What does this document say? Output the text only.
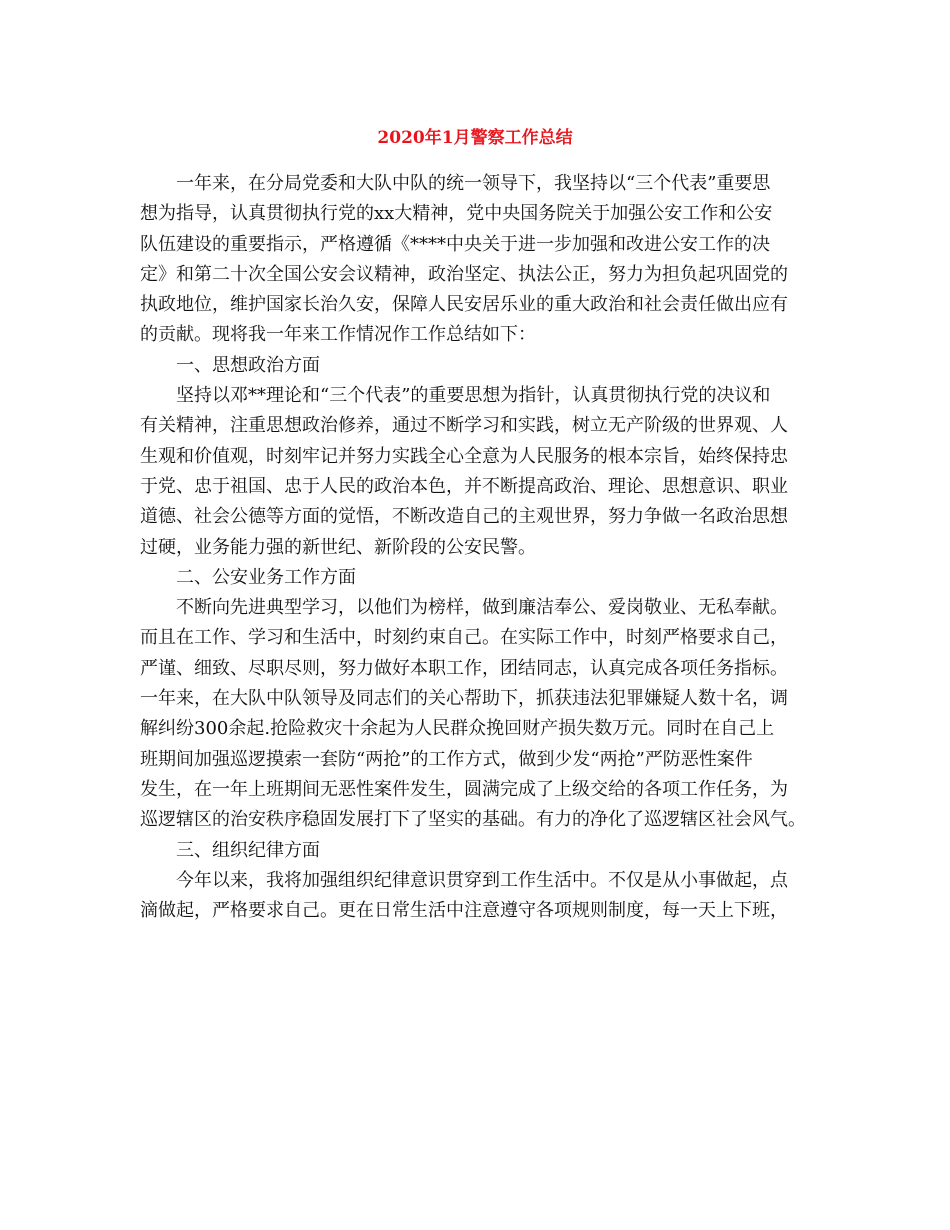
2020年1月警察工作总结

一年来，在分局党委和大队中队的统一领导下，我坚持以“三个代表”重要思
想为指导，认真贯彻执行党的xx大精神，党中央国务院关于加强公安工作和公安
队伍建设的重要指示，严格遵循《****中央关于进一步加强和改进公安工作的决
定》和第二十次全国公安会议精神，政治坚定、执法公正，努力为担负起巩固党的
执政地位，维护国家长治久安，保障人民安居乐业的重大政治和社会责任做出应有
的贡献。现将我一年来工作情况作工作总结如下：

一、思想政治方面

坚持以邓**理论和“三个代表”的重要思想为指针，认真贯彻执行党的决议和
有关精神，注重思想政治修养，通过不断学习和实践，树立无产阶级的世界观、人
生观和价值观，时刻牢记并努力实践全心全意为人民服务的根本宗旨，始终保持忠
于党、忠于祖国、忠于人民的政治本色，并不断提高政治、理论、思想意识、职业
道德、社会公德等方面的觉悟，不断改造自己的主观世界，努力争做一名政治思想
过硬，业务能力强的新世纪、新阶段的公安民警。

二、公安业务工作方面

不断向先进典型学习，以他们为榜样，做到廉洁奉公、爱岗敬业、无私奉献。
而且在工作、学习和生活中，时刻约束自己。在实际工作中，时刻严格要求自己，
严谨、细致、尽职尽则，努力做好本职工作，团结同志，认真完成各项任务指标。
一年来，在大队中队领导及同志们的关心帮助下，抓获违法犯罪嫌疑人数十名，调
解纠纷300余起.抢险救灾十余起为人民群众挽回财产损失数万元。同时在自己上
班期间加强巡逻摸索一套防“两抢”的工作方式，做到少发“两抢”严防恶性案件
发生，在一年上班期间无恶性案件发生，圆满完成了上级交给的各项工作任务，为
巡逻辖区的治安秩序稳固发展打下了坚实的基础。有力的净化了巡逻辖区社会风气。

三、组织纪律方面

今年以来，我将加强组织纪律意识贯穿到工作生活中。不仅是从小事做起，点
滴做起，严格要求自己。更在日常生活中注意遵守各项规则制度，每一天上下班，
